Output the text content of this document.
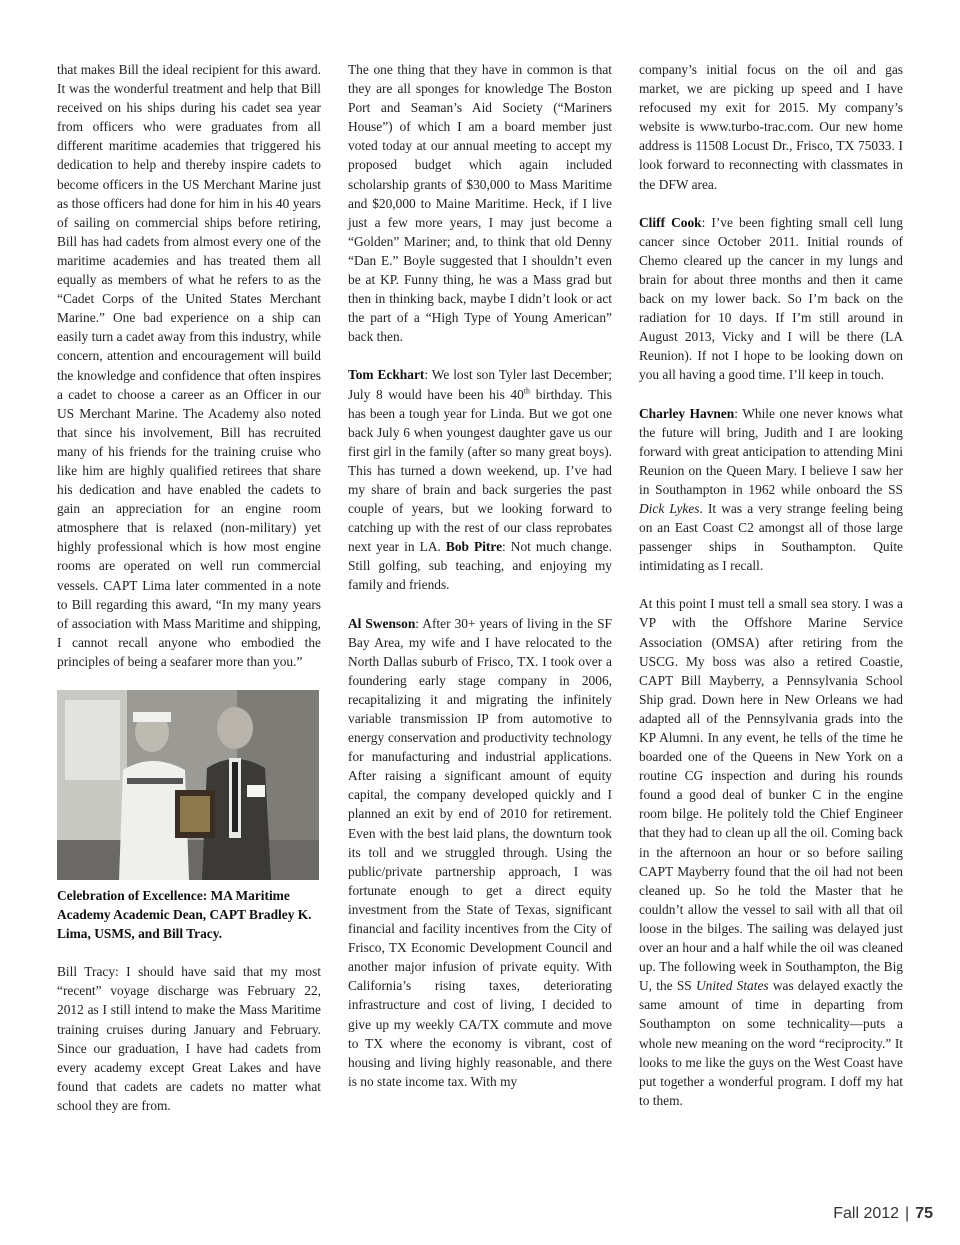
that makes Bill the ideal recipient for this award. It was the wonderful treatment and help that Bill received on his ships during his cadet sea year from officers who were graduates from all different maritime academies that triggered his dedication to help and thereby inspire cadets to become officers in the US Merchant Marine just as those officers had done for him in his 40 years of sailing on commercial ships before retiring, Bill has had cadets from almost every one of the maritime academies and has treated them all equally as members of what he refers to as the “Cadet Corps of the United States Merchant Marine.” One bad experience on a ship can easily turn a cadet away from this industry, while concern, attention and encouragement will build the knowledge and confidence that often inspires a cadet to choose a career as an Officer in our US Merchant Marine. The Academy also noted that since his involvement, Bill has recruited many of his friends for the training cruise who like him are highly qualified retirees that share his dedication and have enabled the cadets to gain an appreciation for an engine room atmosphere that is relaxed (non-military) yet highly professional which is how most engine rooms are operated on well run commercial vessels. CAPT Lima later commented in a note to Bill regarding this award, “In my many years of association with Mass Maritime and shipping, I cannot recall anyone who embodied the principles of being a seafarer more than you.”

Celebration of Excellence: MA Maritime Academy Academic Dean, CAPT Bradley K. Lima, USMS, and Bill Tracy.

Bill Tracy: I should have said that my most “recent” voyage discharge was February 22, 2012 as I still intend to make the Mass Maritime training cruises during January and February. Since our graduation, I have had cadets from every academy except Great Lakes and have found that cadets are cadets no matter what school they are from.

The one thing that they have in common is that they are all sponges for knowledge The Boston Port and Seaman’s Aid Society (“Mariners House”) of which I am a board member just voted today at our annual meeting to accept my proposed budget which again included scholarship grants of $30,000 to Mass Maritime and $20,000 to Maine Maritime. Heck, if I live just a few more years, I may just become a “Golden” Mariner; and, to think that old Denny “Dan E.” Boyle suggested that I shouldn’t even be at KP. Funny thing, he was a Mass grad but then in thinking back, maybe I didn’t look or act the part of a “High Type of Young American” back then.

Tom Eckhart: We lost son Tyler last December; July 8 would have been his 40th birthday. This has been a tough year for Linda. But we got one back July 6 when youngest daughter gave us our first girl in the family (after so many great boys). This has turned a down weekend, up. I’ve had my share of brain and back surgeries the past couple of years, but we looking forward to catching up with the rest of our class reprobates next year in LA. Bob Pitre: Not much change. Still golfing, sub teaching, and enjoying my family and friends.

Al Swenson: After 30+ years of living in the SF Bay Area, my wife and I have relocated to the North Dallas suburb of Frisco, TX. I took over a foundering early stage company in 2006, recapitalizing it and migrating the infinitely variable transmission IP from automotive to energy conservation and productivity technology for manufacturing and industrial applications. After raising a significant amount of equity capital, the company developed quickly and I planned an exit by end of 2010 for retirement. Even with the best laid plans, the downturn took its toll and we struggled through. Using the public/private partnership approach, I was fortunate enough to get a direct equity investment from the State of Texas, significant financial and facility incentives from the City of Frisco, TX Economic Development Council and another major infusion of private equity. With California’s rising taxes, deteriorating infrastructure and cost of living, I decided to give up my weekly CA/TX commute and move to TX where the economy is vibrant, cost of housing and living highly reasonable, and there is no state income tax. With my

company’s initial focus on the oil and gas market, we are picking up speed and I have refocused my exit for 2015. My company’s website is www.turbo-trac.com. Our new home address is 11508 Locust Dr., Frisco, TX 75033. I look forward to reconnecting with classmates in the DFW area.

Cliff Cook: I’ve been fighting small cell lung cancer since October 2011. Initial rounds of Chemo cleared up the cancer in my lungs and brain for about three months and then it came back on my lower back. So I’m back on the radiation for 10 days. If I’m still around in August 2013, Vicky and I will be there (LA Reunion). If not I hope to be looking down on you all having a good time. I’ll keep in touch.

Charley Havnen: While one never knows what the future will bring, Judith and I are looking forward with great anticipation to attending Mini Reunion on the Queen Mary. I believe I saw her in Southampton in 1962 while onboard the SS Dick Lykes. It was a very strange feeling being on an East Coast C2 amongst all of those large passenger ships in Southampton. Quite intimidating as I recall.

At this point I must tell a small sea story. I was a VP with the Offshore Marine Service Association (OMSA) after retiring from the USCG. My boss was also a retired Coastie, CAPT Bill Mayberry, a Pennsylvania School Ship grad. Down here in New Orleans we had adapted all of the Pennsylvania grads into the KP Alumni. In any event, he tells of the time he boarded one of the Queens in New York on a routine CG inspection and during his rounds found a good deal of bunker C in the engine room bilge. He politely told the Chief Engineer that they had to clean up all the oil. Coming back in the afternoon an hour or so before sailing CAPT Mayberry found that the oil had not been cleaned up. So he told the Master that he couldn’t allow the vessel to sail with all that oil loose in the bilges. The sailing was delayed just over an hour and a half while the oil was cleaned up. The following week in Southampton, the Big U, the SS United States was delayed exactly the same amount of time in departing from Southampton on some technicality—puts a whole new meaning on the word “reciprocity.” It looks to me like the guys on the West Coast have put together a wonderful program. I doff my hat to them.

Fall 2012 | 75
